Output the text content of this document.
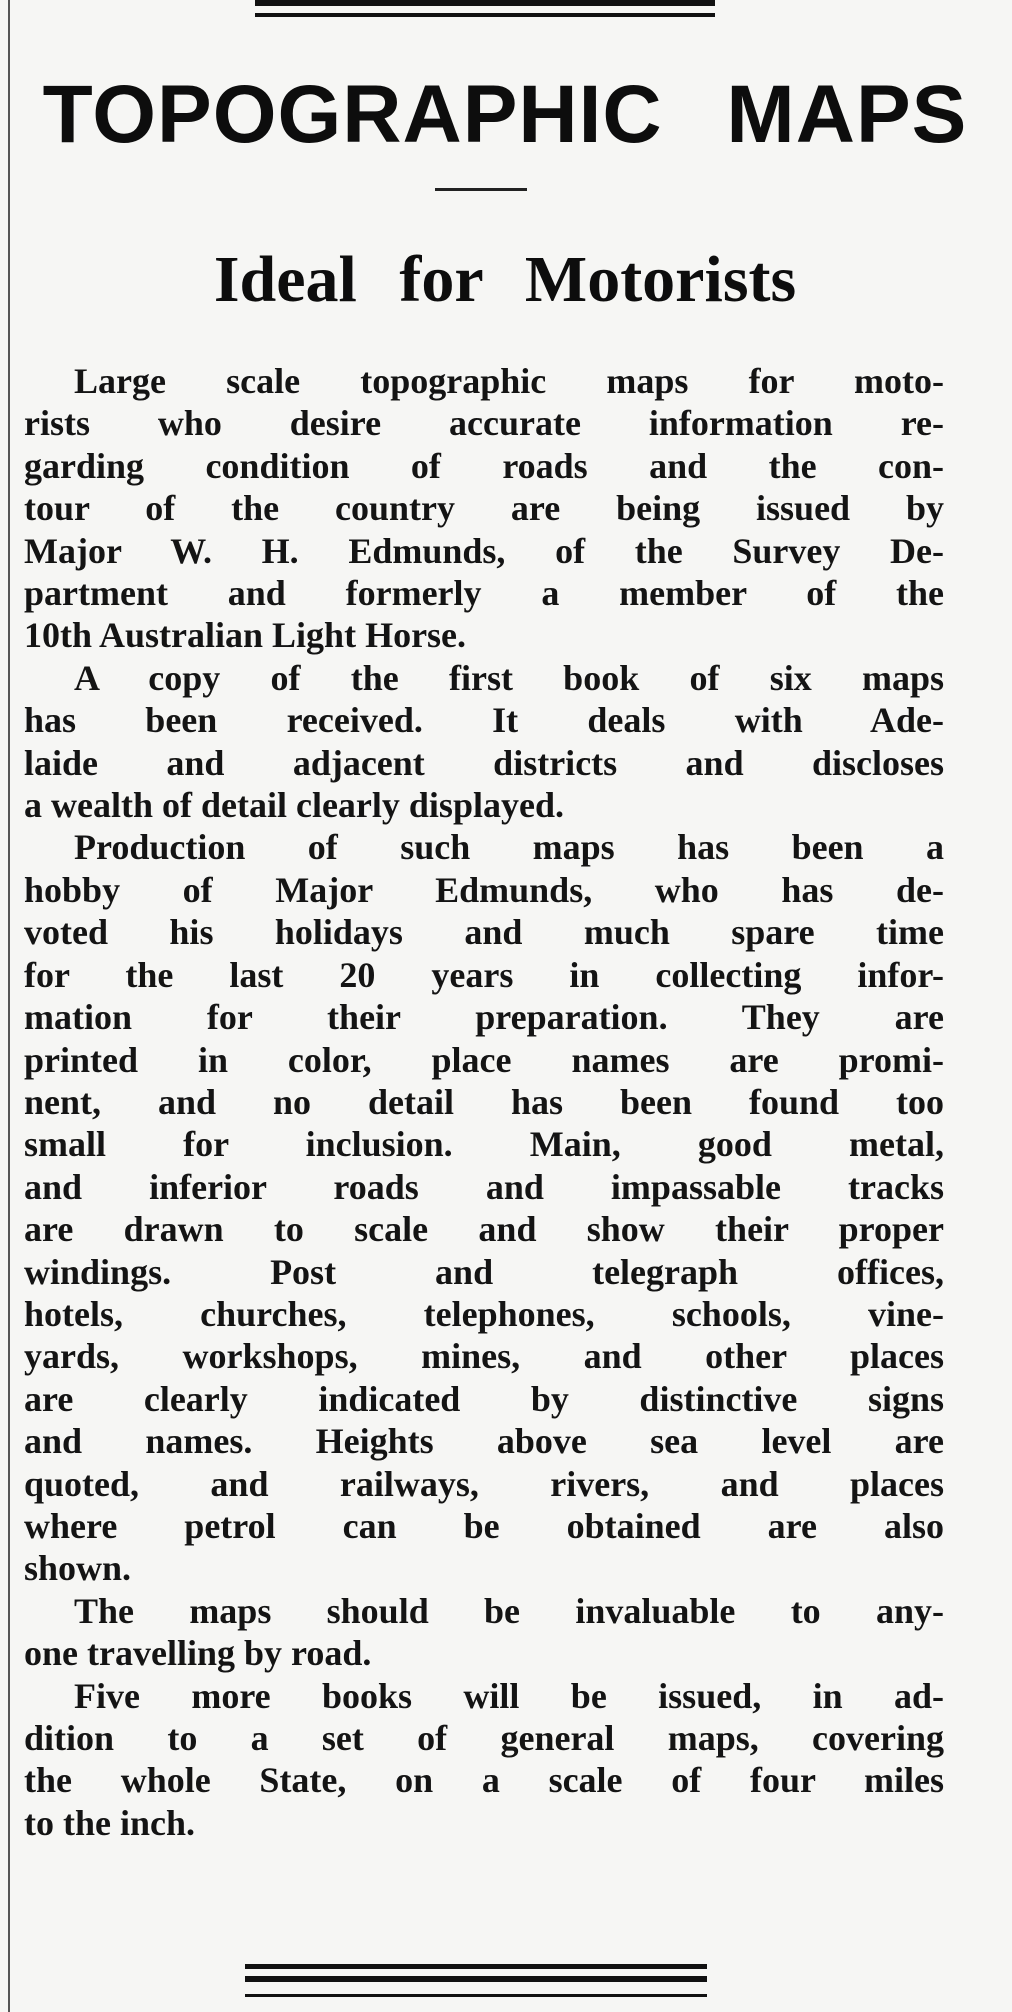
TOPOGRAPHIC MAPS
Ideal for Motorists

Large scale topographic maps for moto-
rists who desire accurate information re-
garding condition of roads and the con-
tour of the country are being issued by
Major W. H. Edmunds, of the Survey De-
partment and formerly a member of the
10th Australian Light Horse.

A copy of the first book of six maps
has been received. It deals with Ade-
laide and adjacent districts and discloses
a wealth of detail clearly displayed.

Production of such maps has been a
hobby of Major Edmunds, who has de-
voted his holidays and much spare time
for the last 20 years in collecting infor-
mation for their preparation. They are
printed in color, place names are promi-
nent, and no detail has been found too
small for inclusion. Main, good metal,
and inferior roads and impassable tracks
are drawn to scale and show their proper
windings. Post and telegraph offices,
hotels, churches, telephones, schools, vine-
yards, workshops, mines, and other places
are clearly indicated by distinctive signs
and names. Heights above sea level are
quoted, and railways, rivers, and places
where petrol can be obtained are also
shown.

The maps should be invaluable to any-
one travelling by road.

Five more books will be issued, in ad-
dition to a set of general maps, covering
the whole State, on a scale of four miles
to the inch.
